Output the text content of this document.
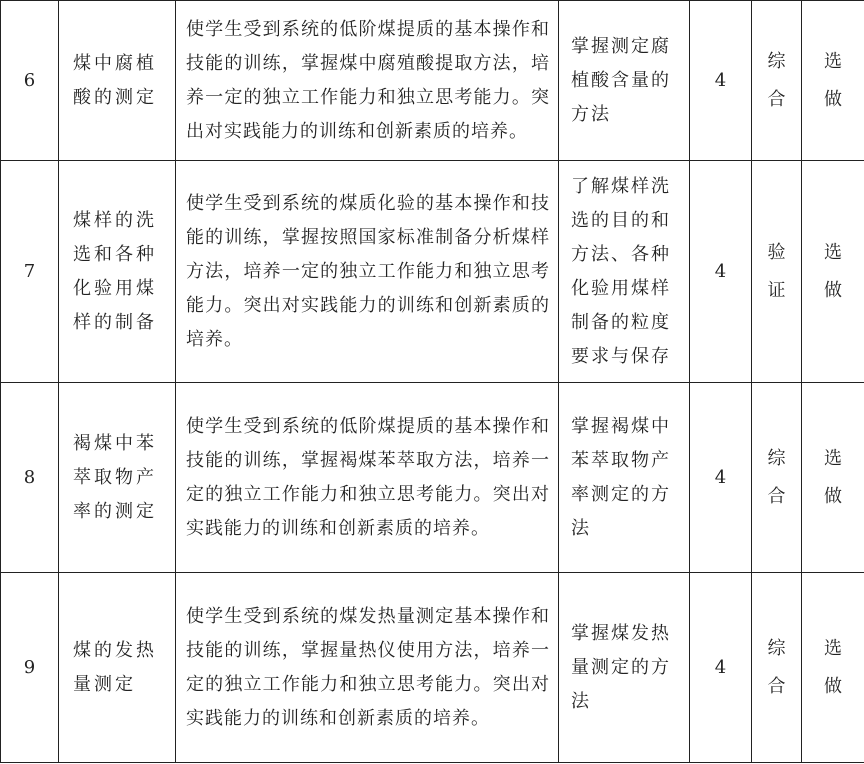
6	煤中腐植酸的测定	使学生受到系统的低阶煤提质的基本操作和技能的训练，掌握煤中腐殖酸提取方法，培养一定的独立工作能力和独立思考能力。突出对实践能力的训练和创新素质的培养。	掌握测定腐植酸含量的方法	4	综合	选做
7	煤样的洗选和各种化验用煤样的制备	使学生受到系统的煤质化验的基本操作和技能的训练，掌握按照国家标准制备分析煤样方法，培养一定的独立工作能力和独立思考能力。突出对实践能力的训练和创新素质的培养。	了解煤样洗选的目的和方法、各种化验用煤样制备的粒度要求与保存	4	验证	选做
8	褐煤中苯萃取物产率的测定	使学生受到系统的低阶煤提质的基本操作和技能的训练，掌握褐煤苯萃取方法，培养一定的独立工作能力和独立思考能力。突出对实践能力的训练和创新素质的培养。	掌握褐煤中苯萃取物产率测定的方法	4	综合	选做
9	煤的发热量测定	使学生受到系统的煤发热量测定基本操作和技能的训练，掌握量热仪使用方法，培养一定的独立工作能力和独立思考能力。突出对实践能力的训练和创新素质的培养。	掌握煤发热量测定的方法	4	综合	选做
